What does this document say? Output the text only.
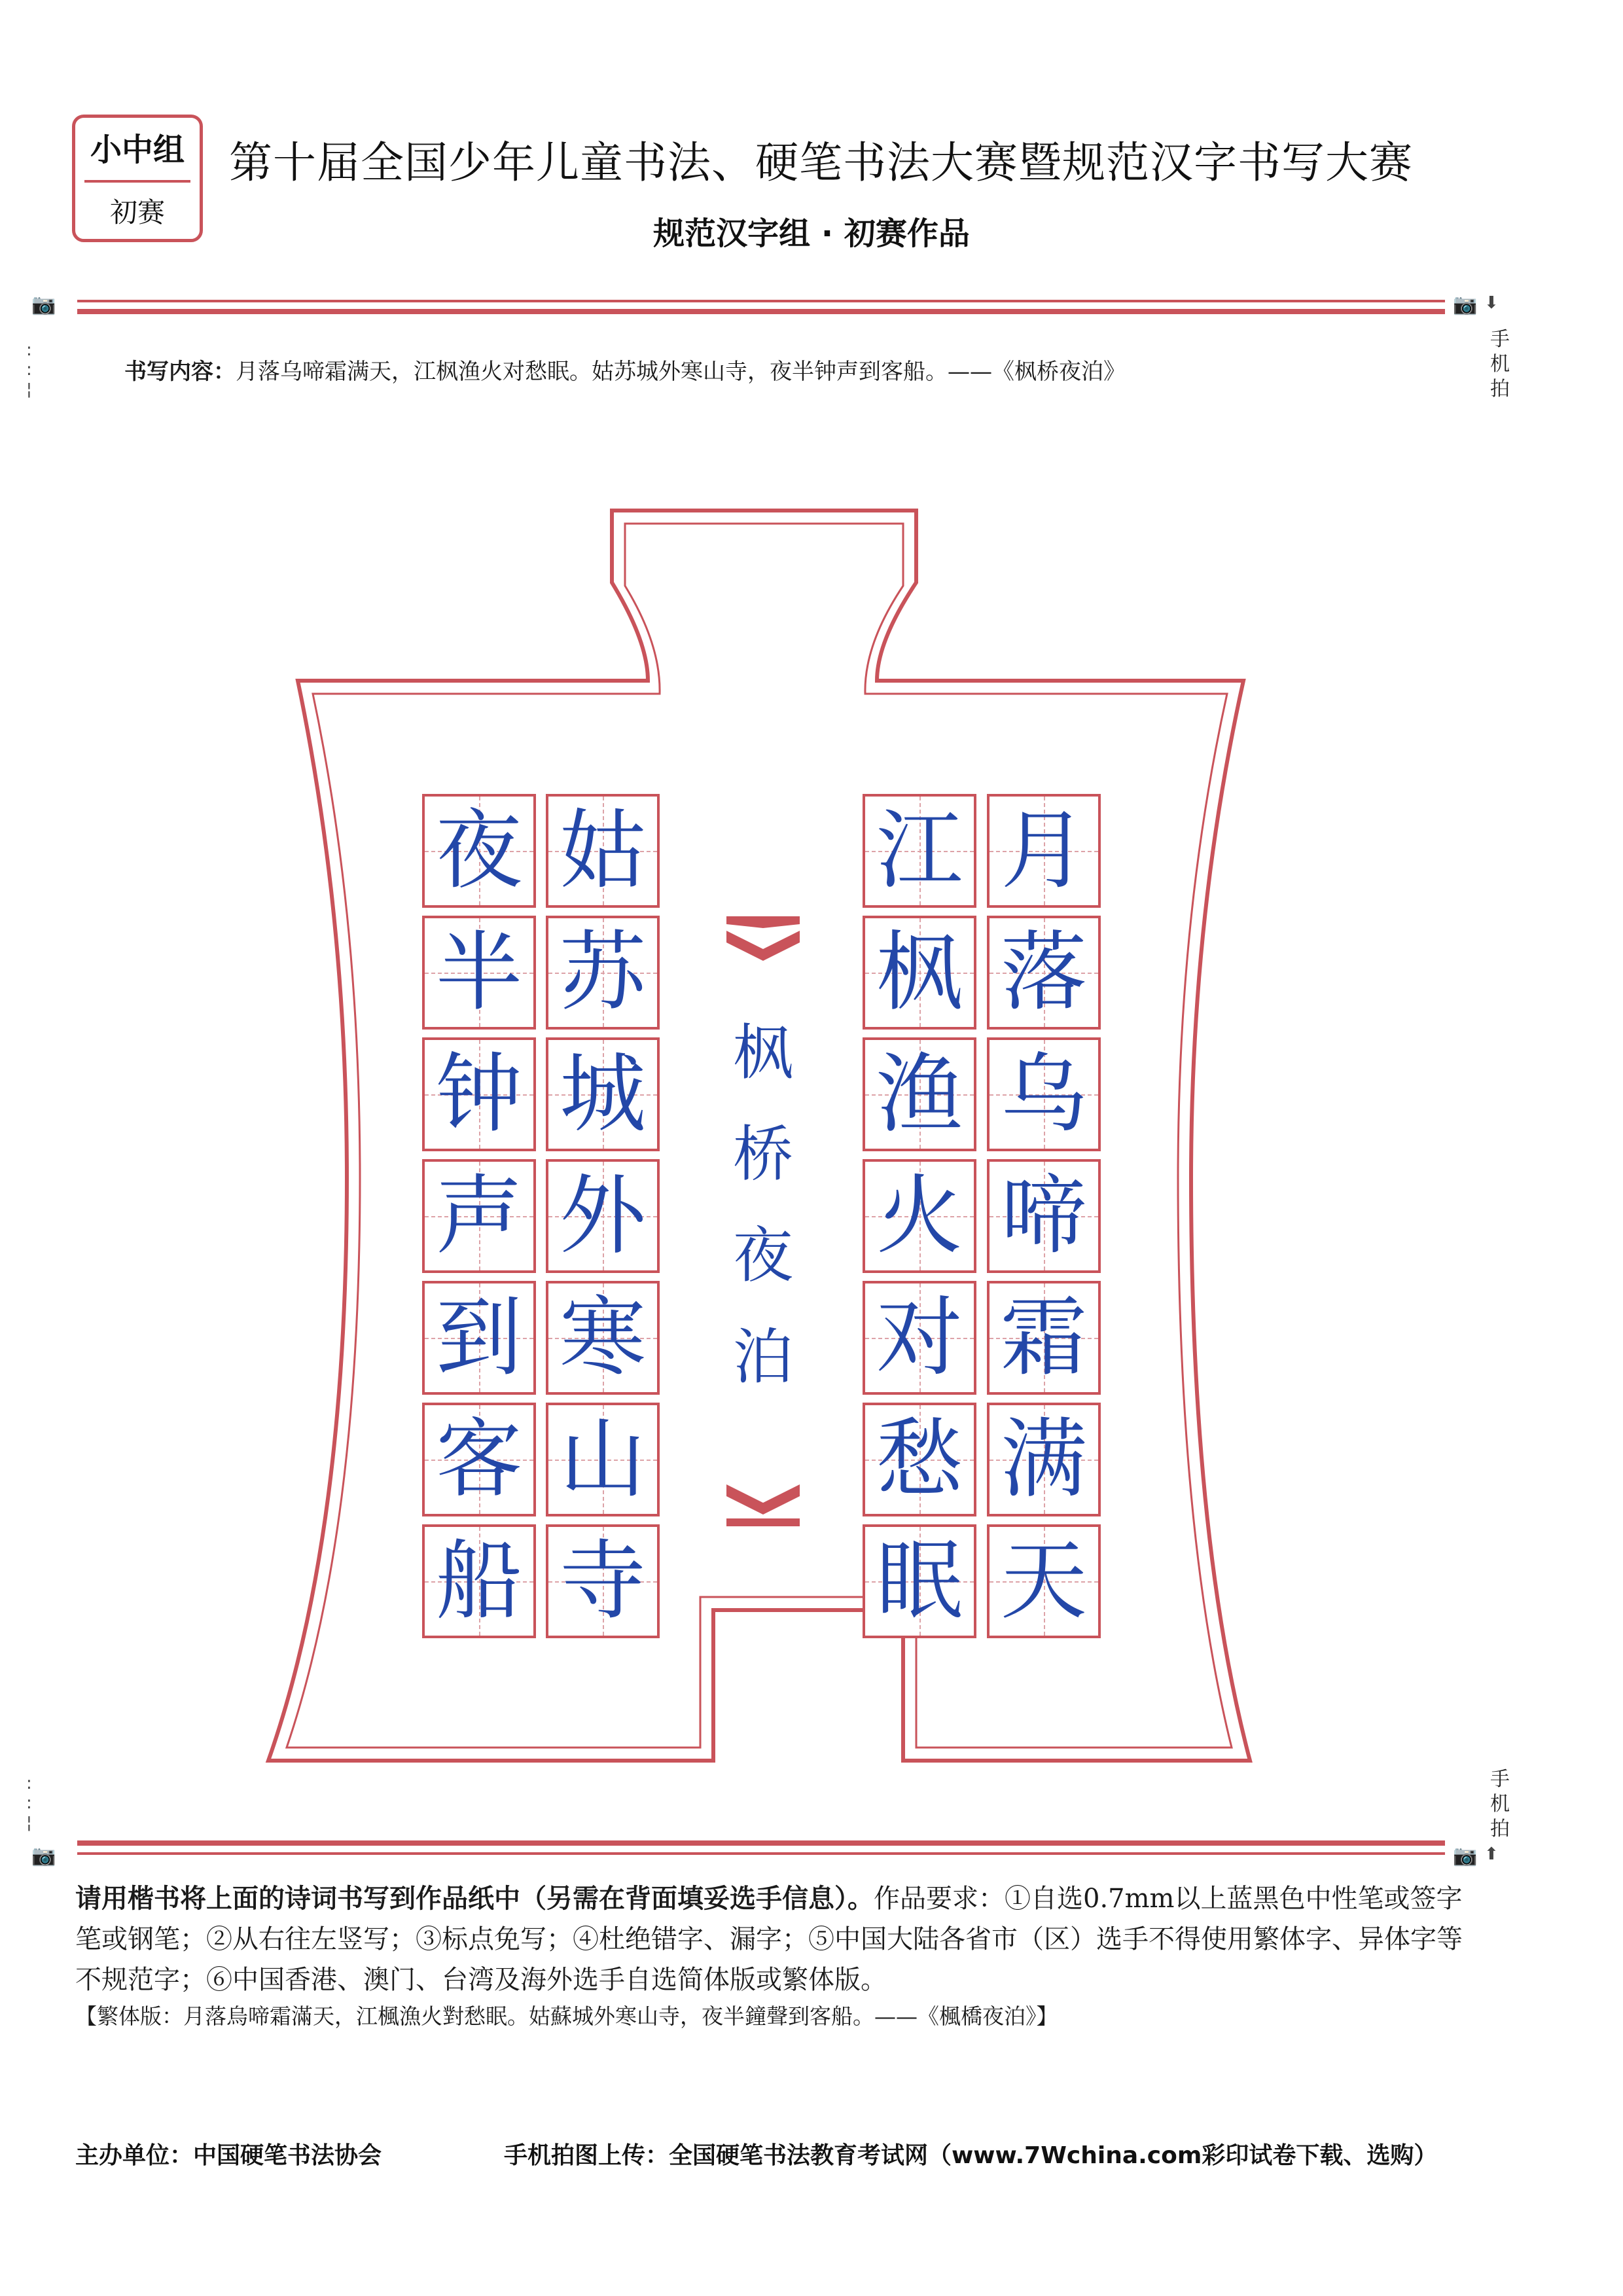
小中组
初赛
第十届全国少年儿童书法、硬笔书法大赛暨规范汉字书写大赛
规范汉字组 · 初赛作品
📷	📷 ⬇
手机拍
:
:
¦
书写内容：月落乌啼霜满天，江枫渔火对愁眠。姑苏城外寒山寺，夜半钟声到客船。——《枫桥夜泊》
枫
桥
夜
泊
月
落
乌
啼
霜
满
天
江
枫
渔
火
对
愁
眠
姑
苏
城
外
寒
山
寺
夜
半
钟
声
到
客
船
手机拍
:
:
¦
📷	📷 ⬆
请用楷书将上面的诗词书写到作品纸中（另需在背面填妥选手信息）。作品要求：①自选0.7mm以上蓝黑色中性笔或签字笔或钢笔；②从右往左竖写；③标点免写；④杜绝错字、漏字；⑤中国大陆各省市（区）选手不得使用繁体字、异体字等不规范字；⑥中国香港、澳门、台湾及海外选手自选简体版或繁体版。
【繁体版：月落烏啼霜滿天，江楓漁火對愁眠。姑蘇城外寒山寺，夜半鐘聲到客船。——《楓橋夜泊》】
主办单位：中国硬笔书法协会	手机拍图上传：全国硬笔书法教育考试网（www.7Wchina.com彩印试卷下载、选购）
